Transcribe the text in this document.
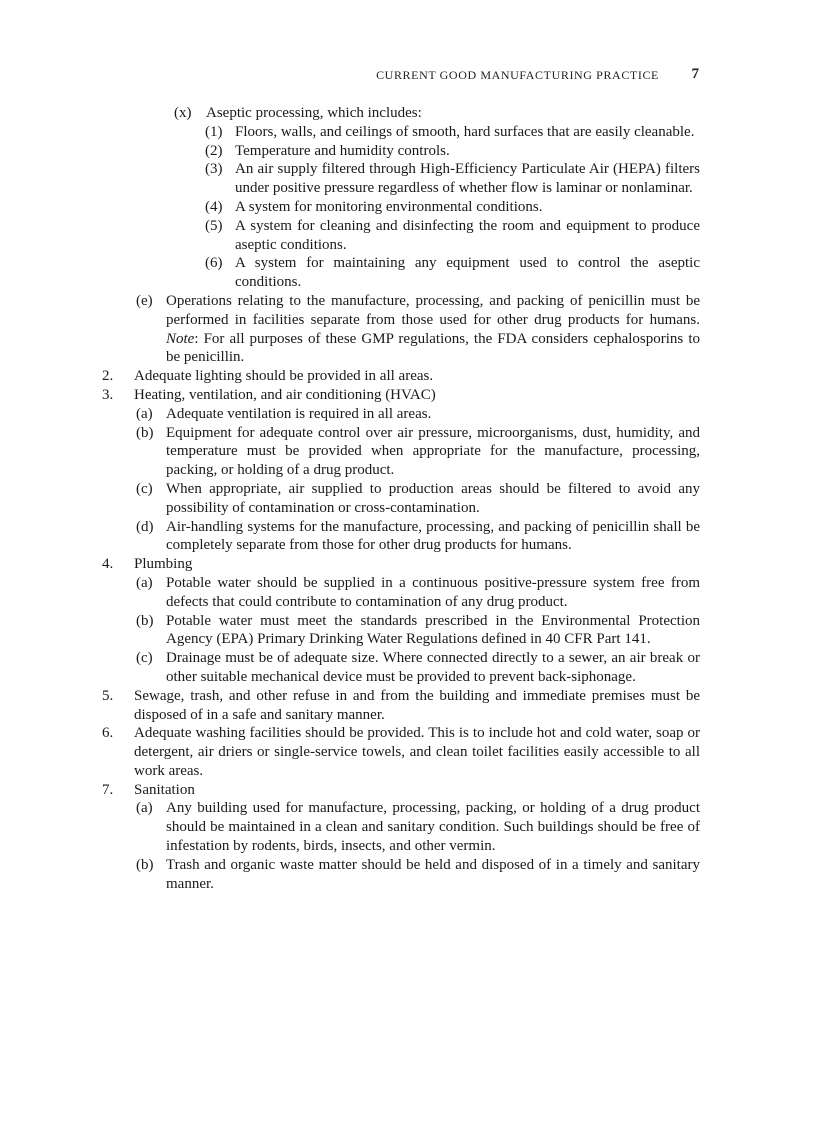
CURRENT GOOD MANUFACTURING PRACTICE 7
(x) Aseptic processing, which includes:
(1) Floors, walls, and ceilings of smooth, hard surfaces that are easily cleanable.
(2) Temperature and humidity controls.
(3) An air supply filtered through High-Efficiency Particulate Air (HEPA) filters under positive pressure regardless of whether flow is laminar or nonlaminar.
(4) A system for monitoring environmental conditions.
(5) A system for cleaning and disinfecting the room and equipment to produce aseptic conditions.
(6) A system for maintaining any equipment used to control the aseptic conditions.
(e) Operations relating to the manufacture, processing, and packing of penicillin must be performed in facilities separate from those used for other drug products for humans. Note: For all purposes of these GMP regulations, the FDA considers cephalosporins to be penicillin.
2.	Adequate lighting should be provided in all areas.
3.	Heating, ventilation, and air conditioning (HVAC)
(a) Adequate ventilation is required in all areas.
(b) Equipment for adequate control over air pressure, microorganisms, dust, humidity, and temperature must be provided when appropriate for the manufacture, processing, packing, or holding of a drug product.
(c) When appropriate, air supplied to production areas should be filtered to avoid any possibility of contamination or cross-contamination.
(d) Air-handling systems for the manufacture, processing, and packing of penicillin shall be completely separate from those for other drug products for humans.
4.	Plumbing
(a) Potable water should be supplied in a continuous positive-pressure system free from defects that could contribute to contamination of any drug product.
(b) Potable water must meet the standards prescribed in the Environmental Protection Agency (EPA) Primary Drinking Water Regulations defined in 40 CFR Part 141.
(c) Drainage must be of adequate size. Where connected directly to a sewer, an air break or other suitable mechanical device must be provided to prevent back-siphonage.
5.	Sewage, trash, and other refuse in and from the building and immediate premises must be disposed of in a safe and sanitary manner.
6.	Adequate washing facilities should be provided. This is to include hot and cold water, soap or detergent, air driers or single-service towels, and clean toilet facilities easily accessible to all work areas.
7.	Sanitation
(a) Any building used for manufacture, processing, packing, or holding of a drug product should be maintained in a clean and sanitary condition. Such buildings should be free of infestation by rodents, birds, insects, and other vermin.
(b) Trash and organic waste matter should be held and disposed of in a timely and sanitary manner.
